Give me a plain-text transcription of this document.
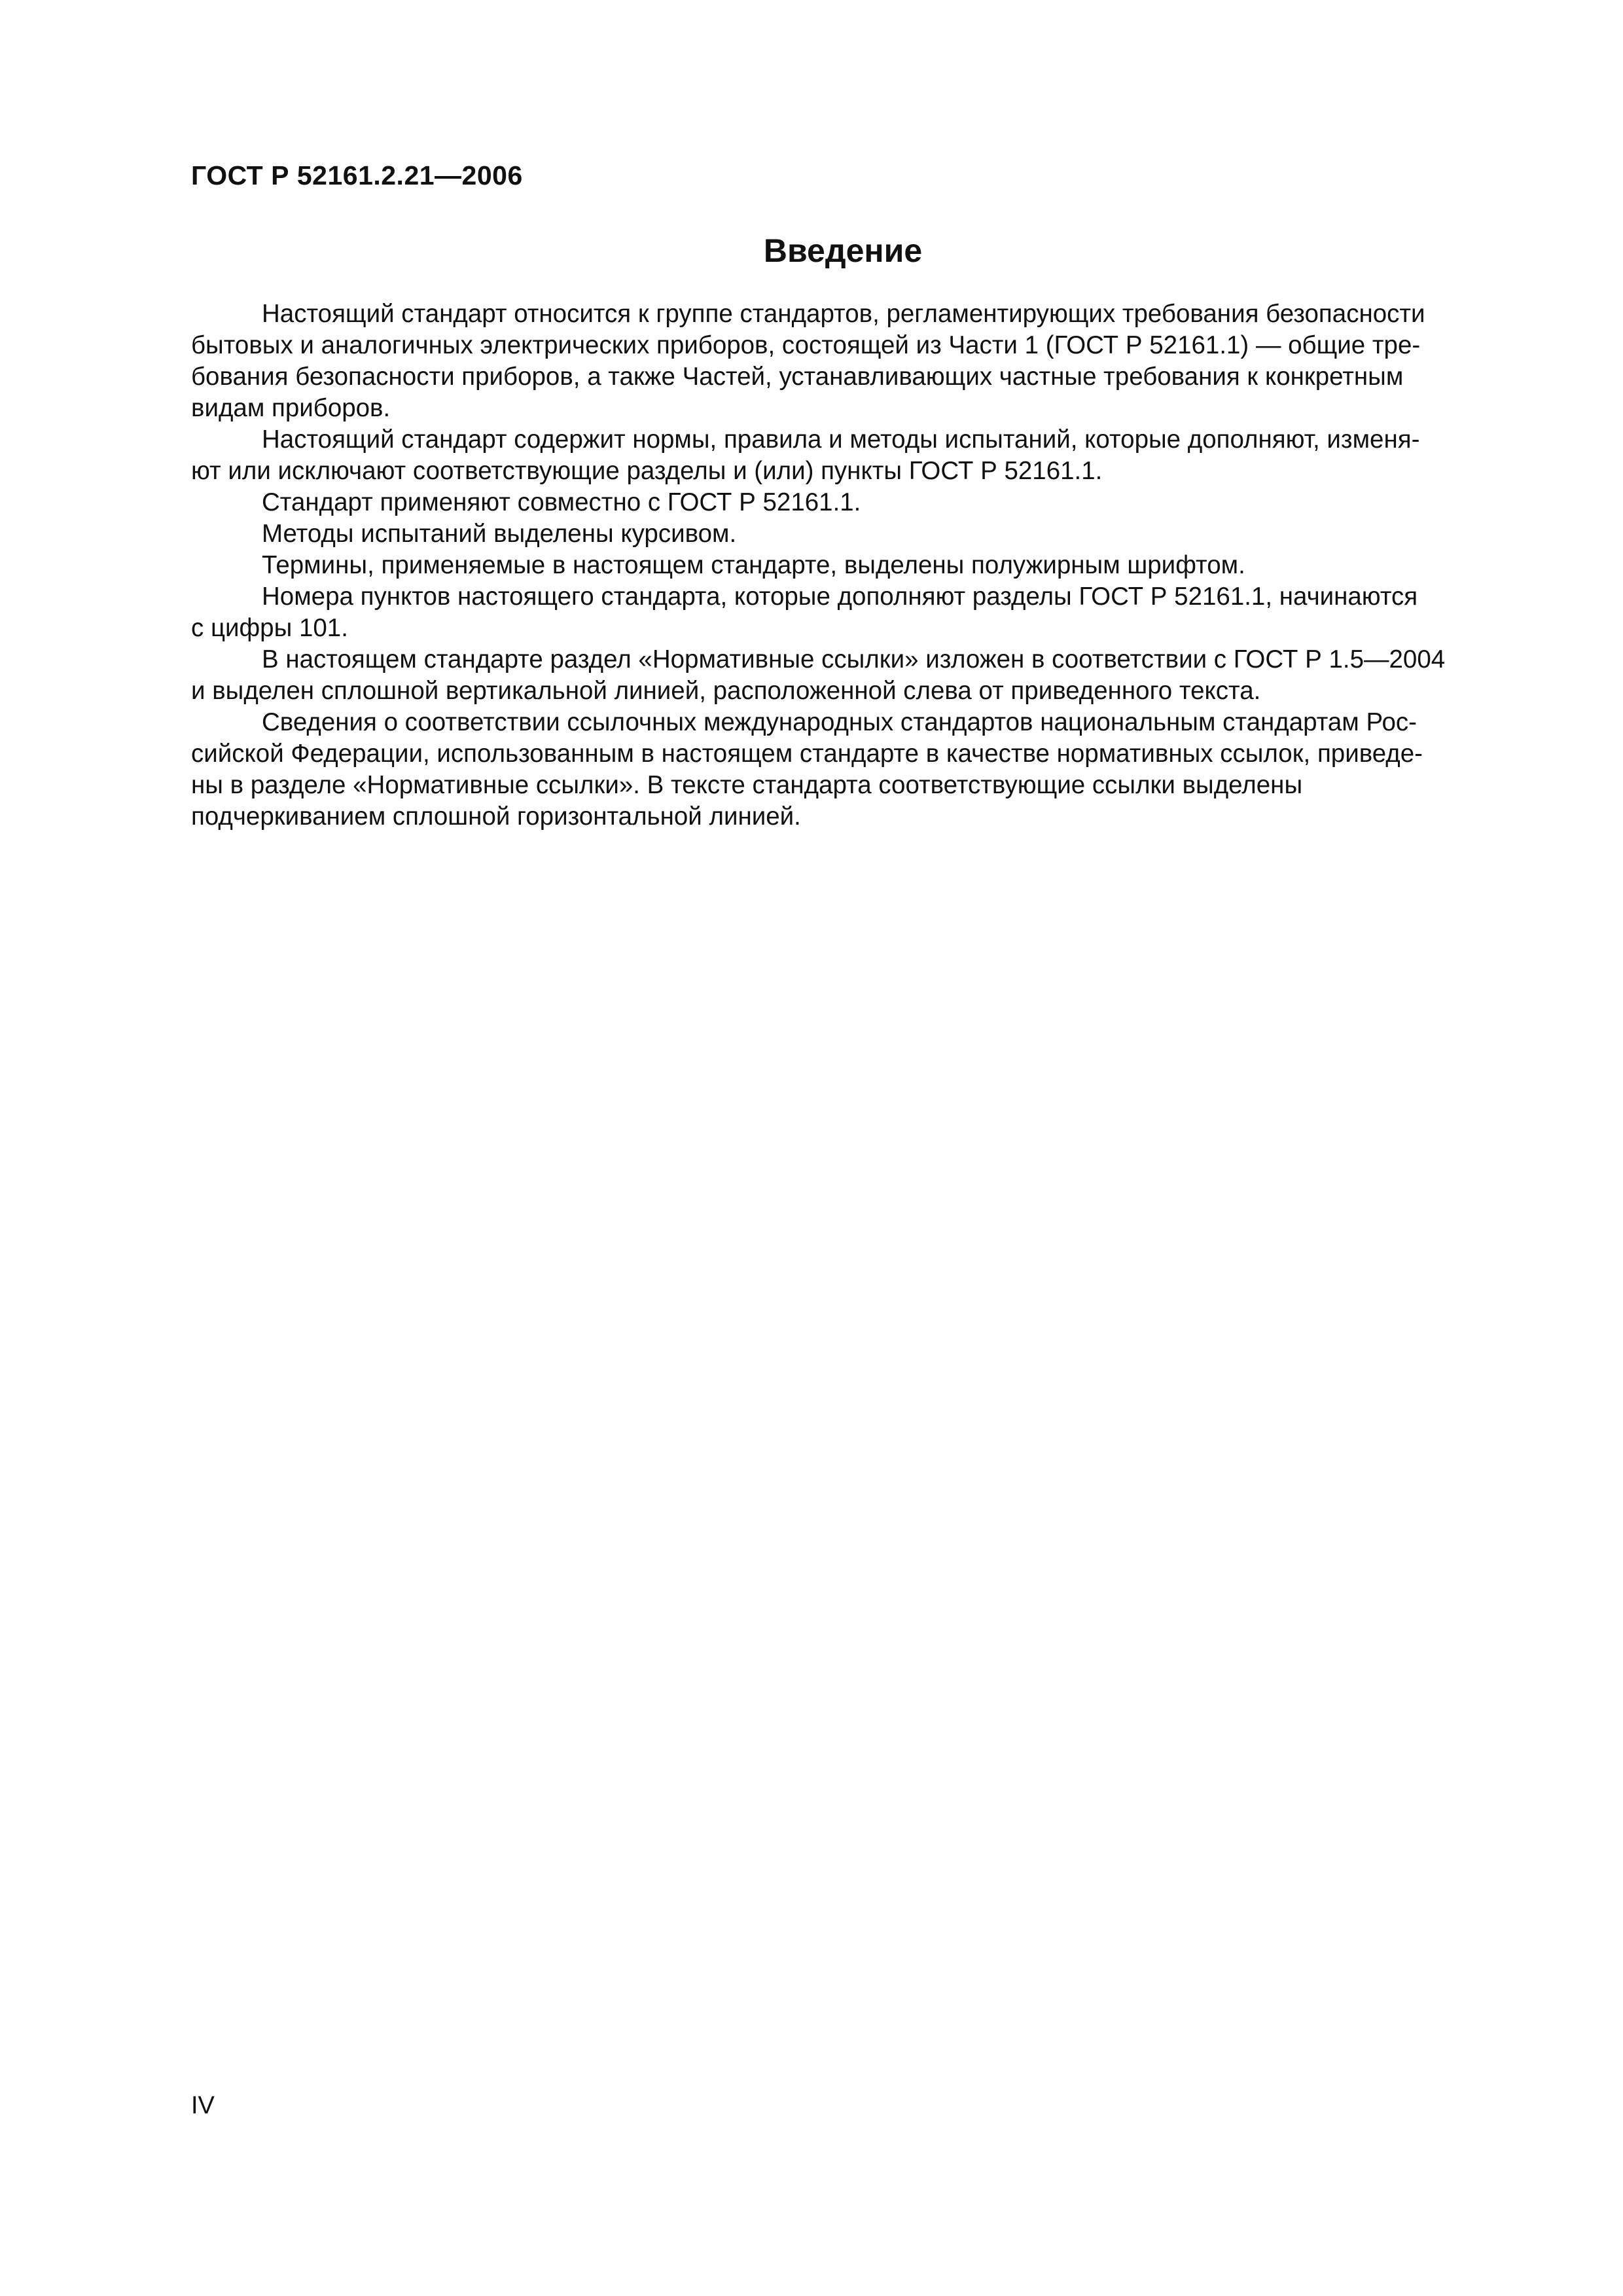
ГОСТ Р 52161.2.21—2006
Введение

Настоящий стандарт относится к группе стандартов, регламентирующих требования безопасности
бытовых и аналогичных электрических приборов, состоящей из Части 1 (ГОСТ Р 52161.1) — общие тре-
бования безопасности приборов, а также Частей, устанавливающих частные требования к конкретным
видам приборов.

Настоящий стандарт содержит нормы, правила и методы испытаний, которые дополняют, изменя-
ют или исключают соответствующие разделы и (или) пункты ГОСТ Р 52161.1.

Стандарт применяют совместно с ГОСТ Р 52161.1.

Методы испытаний выделены курсивом.

Термины, применяемые в настоящем стандарте, выделены полужирным шрифтом.

Номера пунктов настоящего стандарта, которые дополняют разделы ГОСТ Р 52161.1, начинаются
с цифры 101.

В настоящем стандарте раздел «Нормативные ссылки» изложен в соответствии с ГОСТ Р 1.5—2004
и выделен сплошной вертикальной линией, расположенной слева от приведенного текста.

Сведения о соответствии ссылочных международных стандартов национальным стандартам Рос-
сийской Федерации, использованным в настоящем стандарте в качестве нормативных ссылок, приведе-
ны в разделе «Нормативные ссылки». В тексте стандарта соответствующие ссылки выделены
подчеркиванием сплошной горизонтальной линией.

IV
